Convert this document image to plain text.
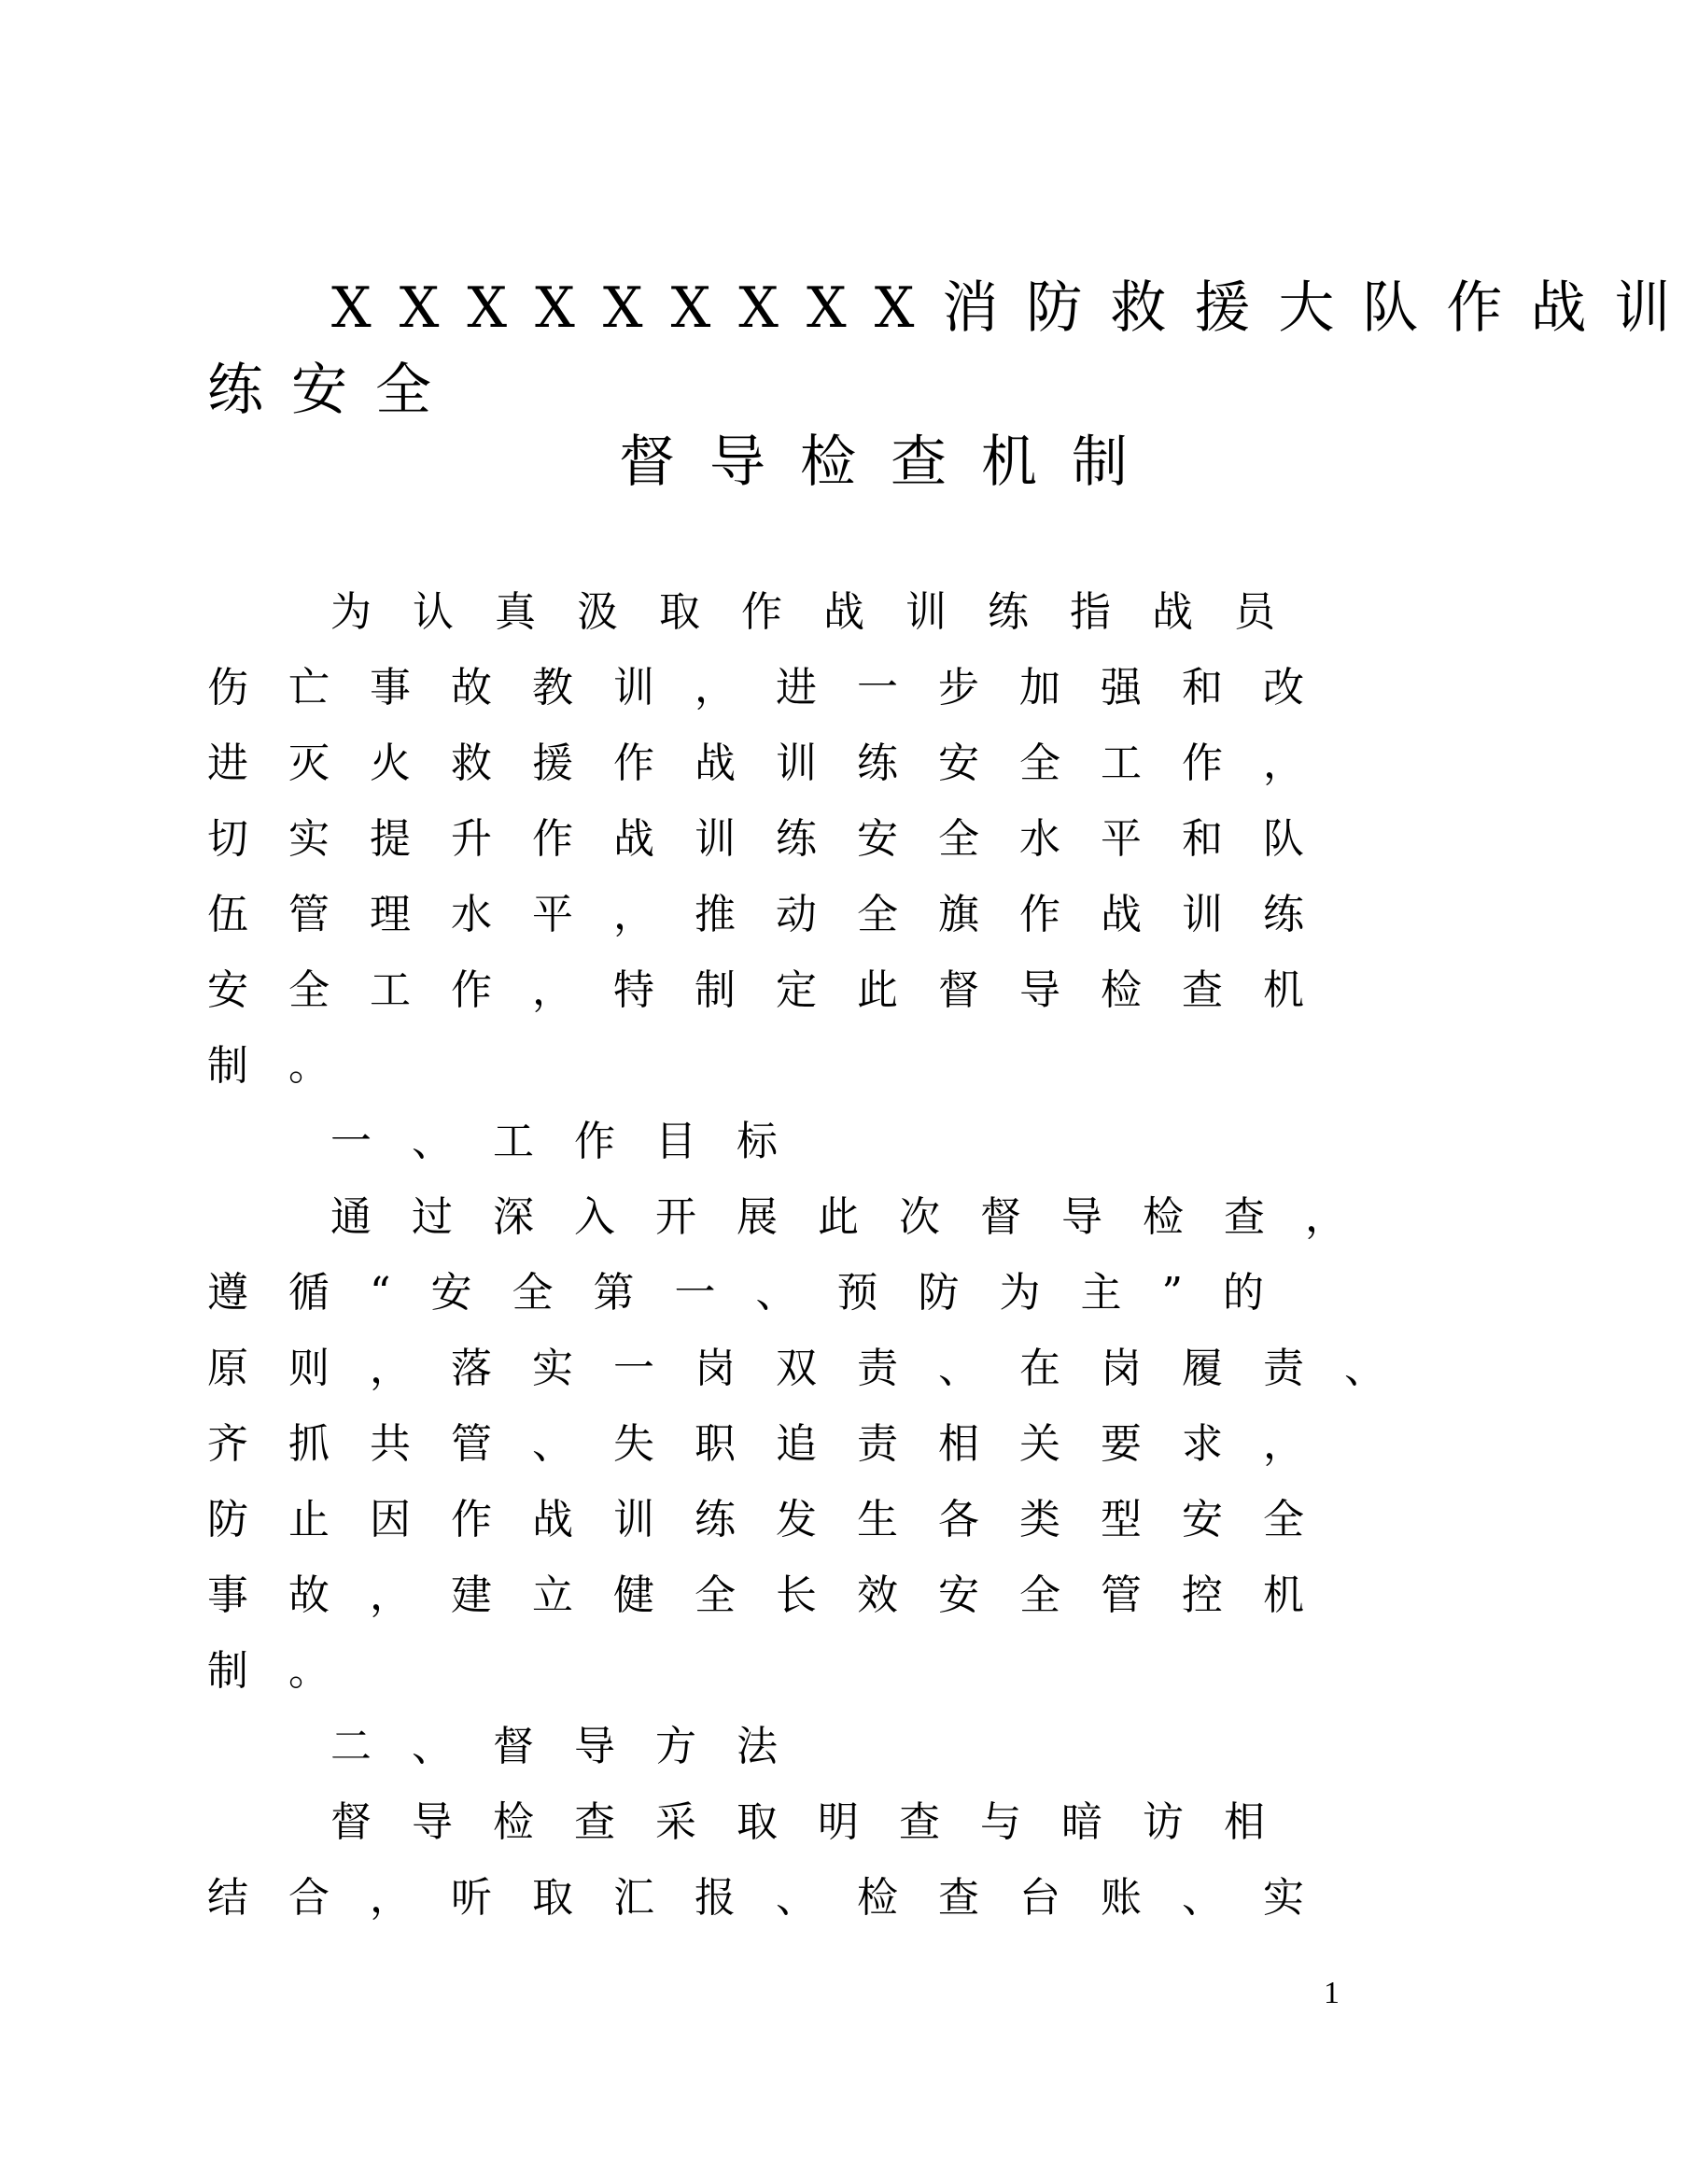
XXXXXXXXX消防救援大队作战训

练安全

督导检查机制

为认真汲取作战训练指战员

伤亡事故教训，进一步加强和改

进灭火救援作战训练安全工作，

切实提升作战训练安全水平和队

伍管理水平，推动全旗作战训练

安全工作，特制定此督导检查机

制。

一、工作目标

通过深入开展此次督导检查，

遵循“安全第一、预防为主”的

原则，落实一岗双责、在岗履责、

齐抓共管、失职追责相关要求，

防止因作战训练发生各类型安全

事故，建立健全长效安全管控机

制。

二、督导方法

督导检查采取明查与暗访相

结合，听取汇报、检查台账、实

1
